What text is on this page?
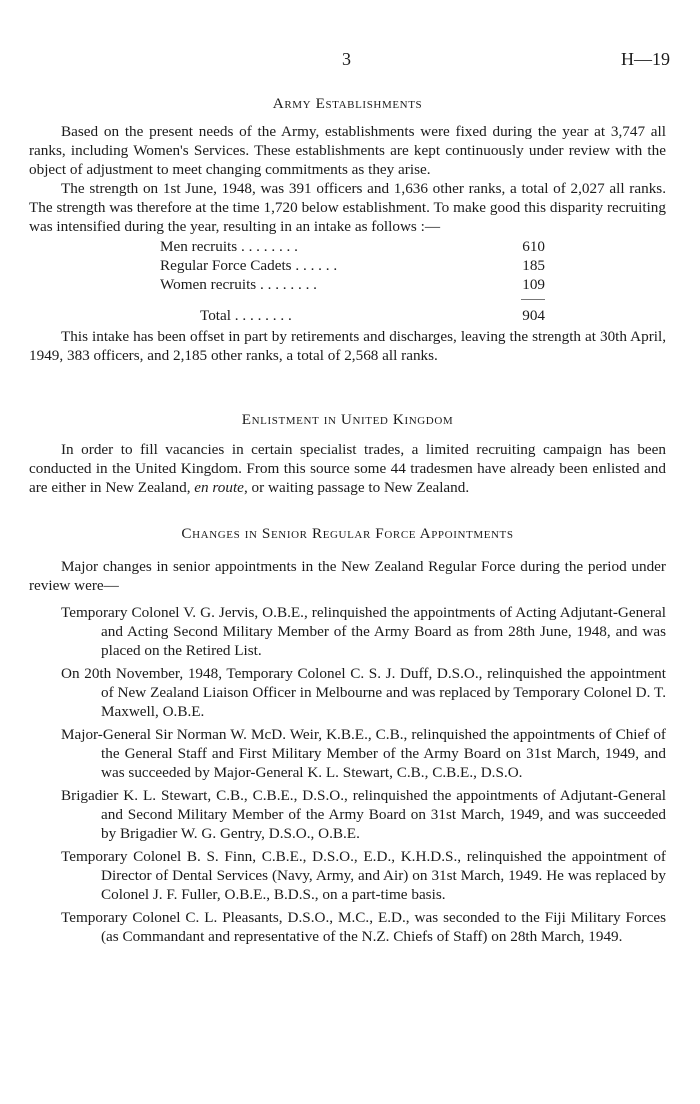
3	H—19
Army Establishments

Based on the present needs of the Army, establishments were fixed during the year at 3,747 all ranks, including Women's Services. These establishments are kept continuously under review with the object of adjustment to meet changing commitments as they arise.

The strength on 1st June, 1948, was 391 officers and 1,636 other ranks, a total of 2,027 all ranks. The strength was therefore at the time 1,720 below establishment. To make good this disparity recruiting was intensified during the year, resulting in an intake as follows :—

Men recruits . . . . . . . .	610
Regular Force Cadets . . . . . .	185
Women recruits . . . . . . . .	109

Total . . . . . . . .	904

This intake has been offset in part by retirements and discharges, leaving the strength at 30th April, 1949, 383 officers, and 2,185 other ranks, a total of 2,568 all ranks.

Enlistment in United Kingdom

In order to fill vacancies in certain specialist trades, a limited recruiting campaign has been conducted in the United Kingdom. From this source some 44 tradesmen have already been enlisted and are either in New Zealand, en route, or waiting passage to New Zealand.

Changes in Senior Regular Force Appointments

Major changes in senior appointments in the New Zealand Regular Force during the period under review were—

Temporary Colonel V. G. Jervis, O.B.E., relinquished the appointments of Acting Adjutant-General and Acting Second Military Member of the Army Board as from 28th June, 1948, and was placed on the Retired List.
On 20th November, 1948, Temporary Colonel C. S. J. Duff, D.S.O., relinquished the appointment of New Zealand Liaison Officer in Melbourne and was replaced by Temporary Colonel D. T. Maxwell, O.B.E.
Major-General Sir Norman W. McD. Weir, K.B.E., C.B., relinquished the appointments of Chief of the General Staff and First Military Member of the Army Board on 31st March, 1949, and was succeeded by Major-General K. L. Stewart, C.B., C.B.E., D.S.O.
Brigadier K. L. Stewart, C.B., C.B.E., D.S.O., relinquished the appointments of Adjutant-General and Second Military Member of the Army Board on 31st March, 1949, and was succeeded by Brigadier W. G. Gentry, D.S.O., O.B.E.
Temporary Colonel B. S. Finn, C.B.E., D.S.O., E.D., K.H.D.S., relinquished the appointment of Director of Dental Services (Navy, Army, and Air) on 31st March, 1949. He was replaced by Colonel J. F. Fuller, O.B.E., B.D.S., on a part-time basis.
Temporary Colonel C. L. Pleasants, D.S.O., M.C., E.D., was seconded to the Fiji Military Forces (as Commandant and representative of the N.Z. Chiefs of Staff) on 28th March, 1949.
